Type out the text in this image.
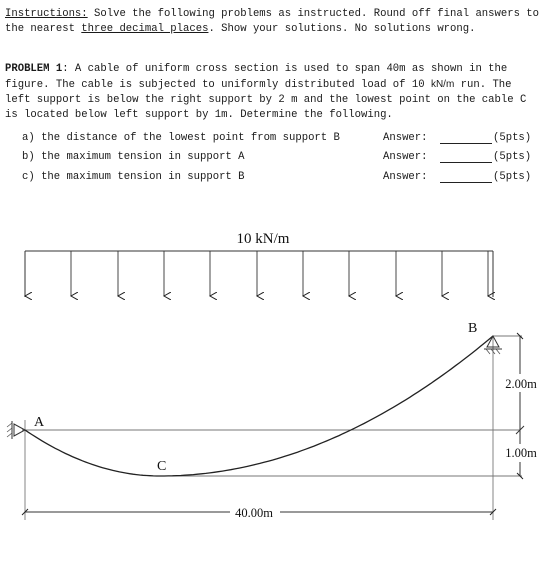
Instructions: Solve the following problems as instructed. Round off final answers to the nearest three decimal places. Show your solutions. No solutions wrong.
PROBLEM 1: A cable of uniform cross section is used to span 40m as shown in the figure. The cable is subjected to uniformly distributed load of 10 kN/m run. The left support is below the right support by 2 m and the lowest point on the cable C is located below left support by 1m. Determine the following.
a) the distance of the lowest point from support B	Answer:	(5pts)
b) the maximum tension in support A	Answer:	(5pts)
c) the maximum tension in support B	Answer:	(5pts)
10 kN/m
2.00m
1.00m
40.00m
A
B
C
